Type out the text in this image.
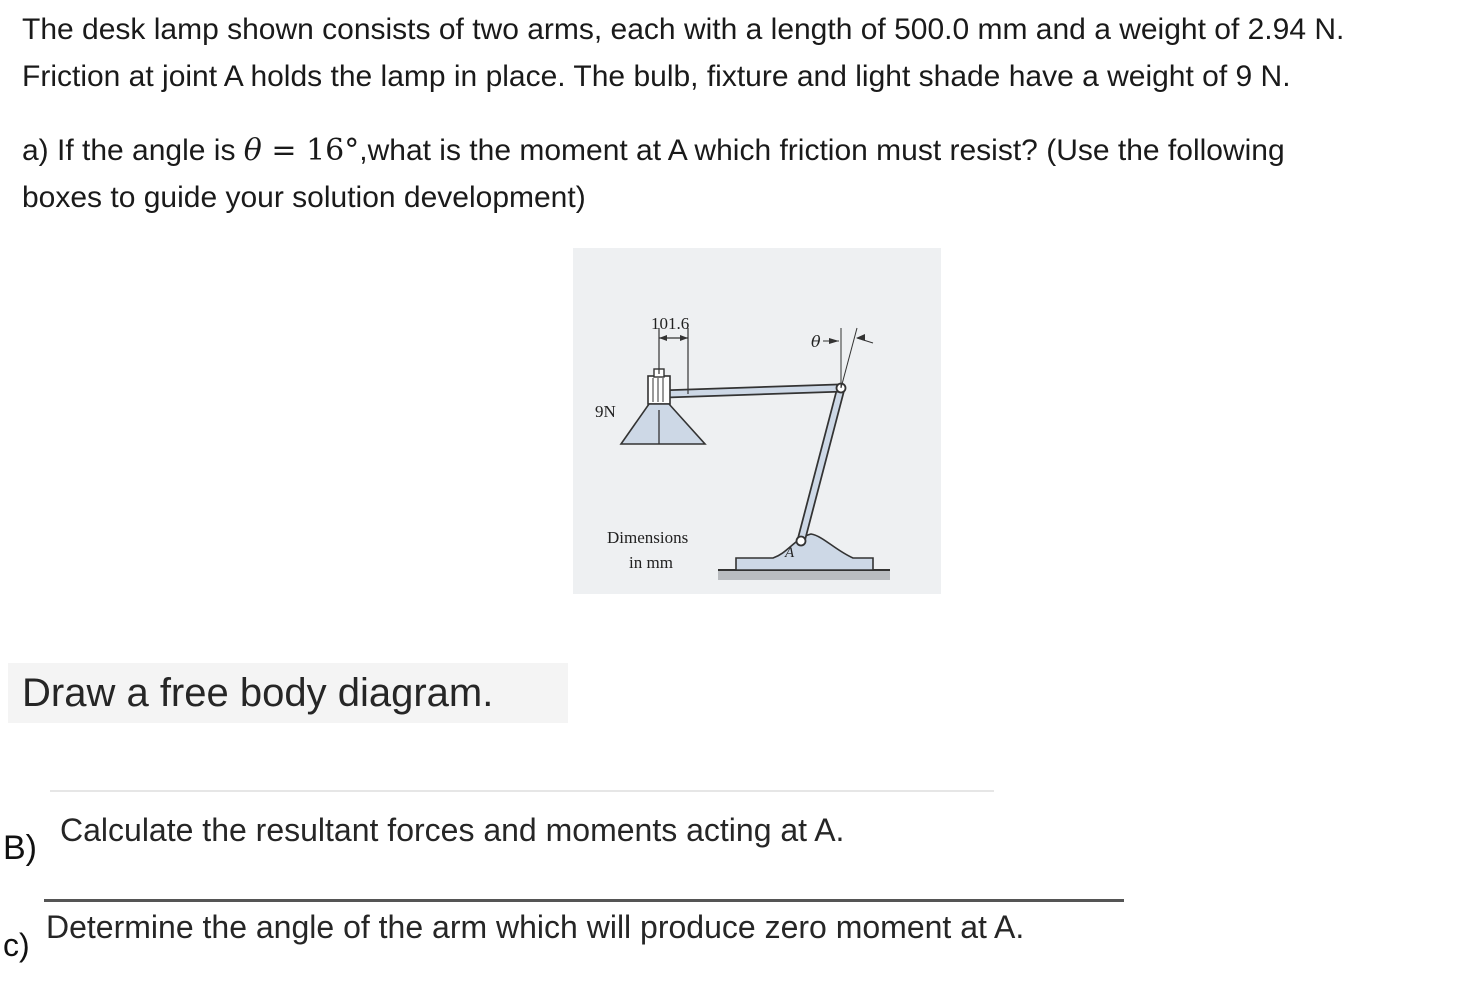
The desk lamp shown consists of two arms, each with a length of 500.0 mm and a weight of 2.94 N.
Friction at joint A holds the lamp in place. The bulb, fixture and light shade have a weight of 9 N.
a) If the angle is θ = 16°,what is the moment at A which friction must resist? (Use the following
boxes to guide your solution development)
101.6
θ
9N
Dimensions
in mm	A
Draw a free body diagram.
B) Calculate the resultant forces and moments acting at A.
c) Determine the angle of the arm which will produce zero moment at A.
